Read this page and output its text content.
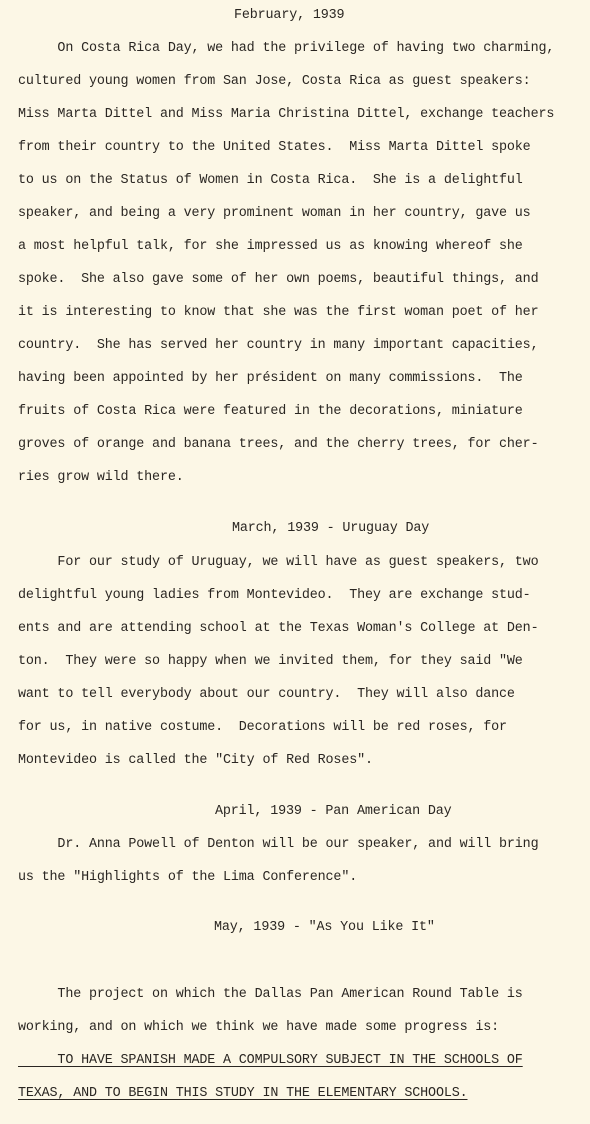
February, 1939
On Costa Rica Day, we had the privilege of having two charming,
cultured young women from San Jose, Costa Rica as guest speakers:
Miss Marta Dittel and Miss Maria Christina Dittel, exchange teachers
from their country to the United States.  Miss Marta Dittel spoke
to us on the Status of Women in Costa Rica.  She is a delightful
speaker, and being a very prominent woman in her country, gave us
a most helpful talk, for she impressed us as knowing whereof she
spoke.  She also gave some of her own poems, beautiful things, and
it is interesting to know that she was the first woman poet of her
country.  She has served her country in many important capacities,
having been appointed by her président on many commissions.  The
fruits of Costa Rica were featured in the decorations, miniature
groves of orange and banana trees, and the cherry trees, for cher-
ries grow wild there.
March, 1939 - Uruguay Day
For our study of Uruguay, we will have as guest speakers, two
delightful young ladies from Montevideo.  They are exchange stud-
ents and are attending school at the Texas Woman's College at Den-
ton.  They were so happy when we invited them, for they said "We
want to tell everybody about our country.  They will also dance
for us, in native costume.  Decorations will be red roses, for
Montevideo is called the "City of Red Roses".
April, 1939 - Pan American Day
Dr. Anna Powell of Denton will be our speaker, and will bring
us the "Highlights of the Lima Conference".
May, 1939 - "As You Like It"
The project on which the Dallas Pan American Round Table is
working, and on which we think we have made some progress is:
TO HAVE SPANISH MADE A COMPULSORY SUBJECT IN THE SCHOOLS OF
TEXAS, AND TO BEGIN THIS STUDY IN THE ELEMENTARY SCHOOLS.
